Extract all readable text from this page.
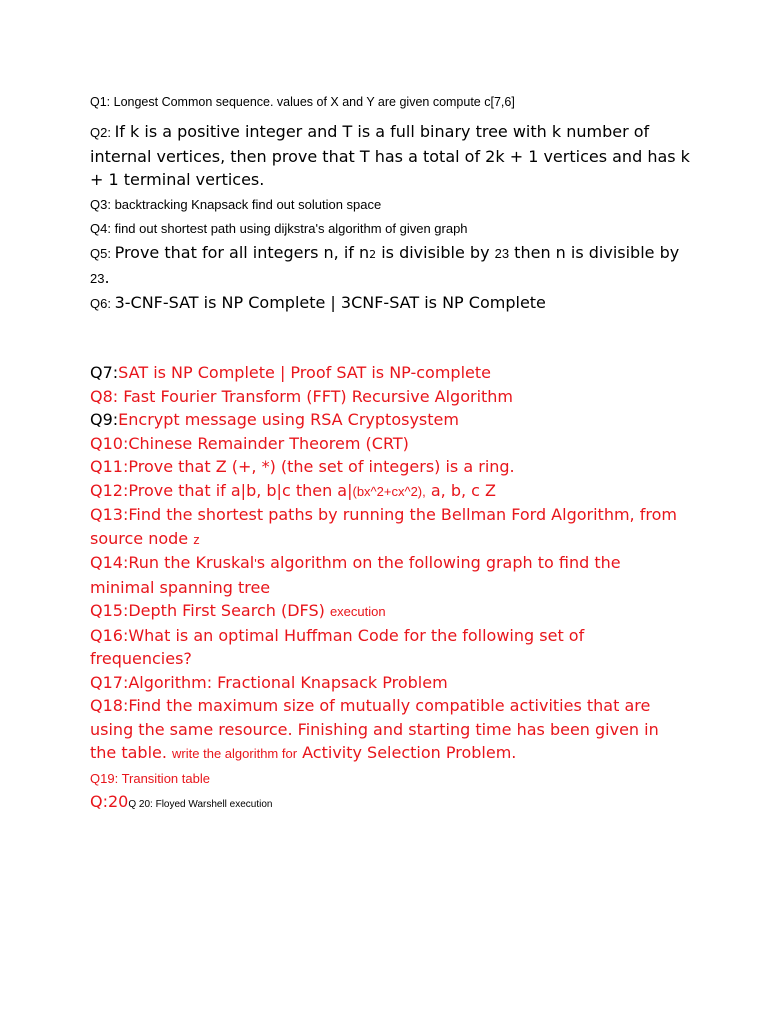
Q1: Longest Common sequence. values of X and Y are given compute c[7,6]

Q2: If k is a positive integer and T is a full binary tree with k number of internal vertices, then prove that T has a total of 2k + 1 vertices and has k + 1 terminal vertices.

Q3: backtracking Knapsack find out solution space

Q4: find out shortest path using dijkstra's algorithm of given graph

Q5: Prove that for all integers n, if n2 is divisible by 23 then n is divisible by 23.

Q6: 3-CNF-SAT is NP Complete | 3CNF-SAT is NP Complete

Q7:SAT is NP Complete | Proof SAT is NP-complete

Q8: Fast Fourier Transform (FFT) Recursive Algorithm

Q9:Encrypt message using RSA Cryptosystem

Q10:Chinese Remainder Theorem (CRT)

Q11:Prove that Z (+, *) (the set of integers) is a ring.

Q12:Prove that if a|b, b|c then a|(bx^2+cx^2), a, b, c Z

Q13:Find the shortest paths by running the Bellman Ford Algorithm, from source node z

Q14:Run the Kruskal's algorithm on the following graph to find the minimal spanning tree

Q15:Depth First Search (DFS) execution

Q16:What is an optimal Huffman Code for the following set of frequencies?

Q17:Algorithm: Fractional Knapsack Problem

Q18:Find the maximum size of mutually compatible activities that are using the same resource. Finishing and starting time has been given in the table. write the algorithm for Activity Selection Problem.

Q19: Transition table

Q:20Q 20: Floyed Warshell execution
